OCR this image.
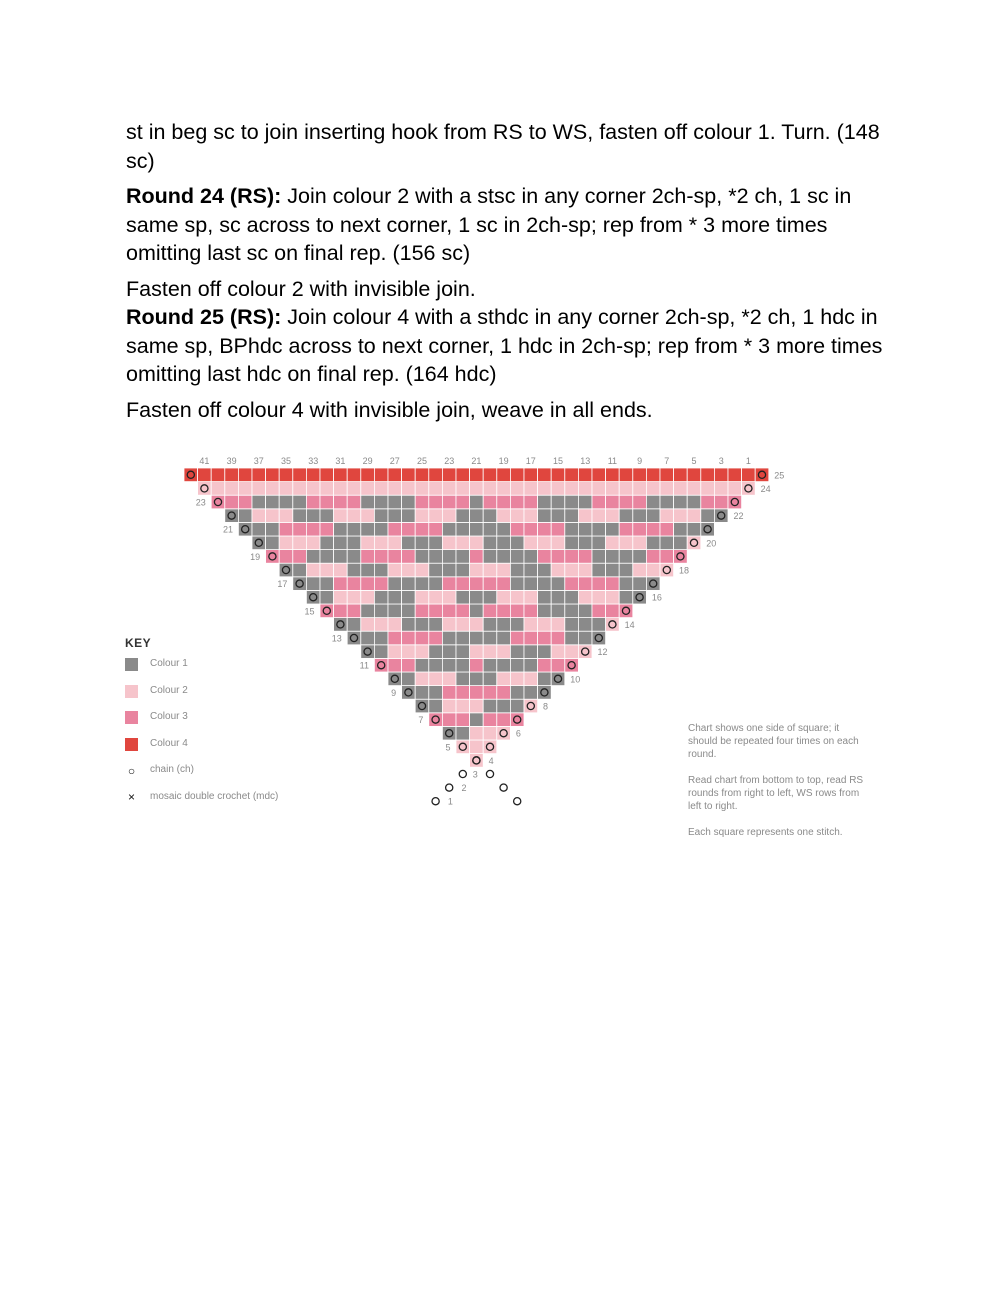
st in beg sc to join inserting hook from RS to WS, fasten off colour 1. Turn. (148 sc)

Round 24 (RS): Join colour 2 with a stsc in any corner 2ch-sp, *2 ch, 1 sc in same sp, sc across to next corner, 1 sc in 2ch-sp; rep from * 3 more times omitting last sc on final rep. (156 sc)

Fasten off colour 2 with invisible join.

Round 25 (RS): Join colour 4 with a sthdc in any corner 2ch-sp, *2 ch, 1 hdc in same sp, BPhdc across to next corner, 1 hdc in 2ch-sp; rep from * 3 more times omitting last hdc on final rep. (164 hdc)

Fasten off colour 4 with invisible join, weave in all ends.

1
2
3
4
5
6
7
8
9
10
11
12
13
14
15
16
17
18
19
20
21
22
23
24
25
41 39 37 35 33 31 29 27 25 23 21 19 17 15 13 11 9 7 5 3 1
KEY
Colour 1
Colour 2
Colour 3
Colour 4
○ chain (ch)
×	mosaic double crochet (mdc)

Chart shows one side of square; it should be repeated four times on each round.

Read chart from bottom to top, read RS rounds from right to left, WS rows from left to right.

Each square represents one stitch.
